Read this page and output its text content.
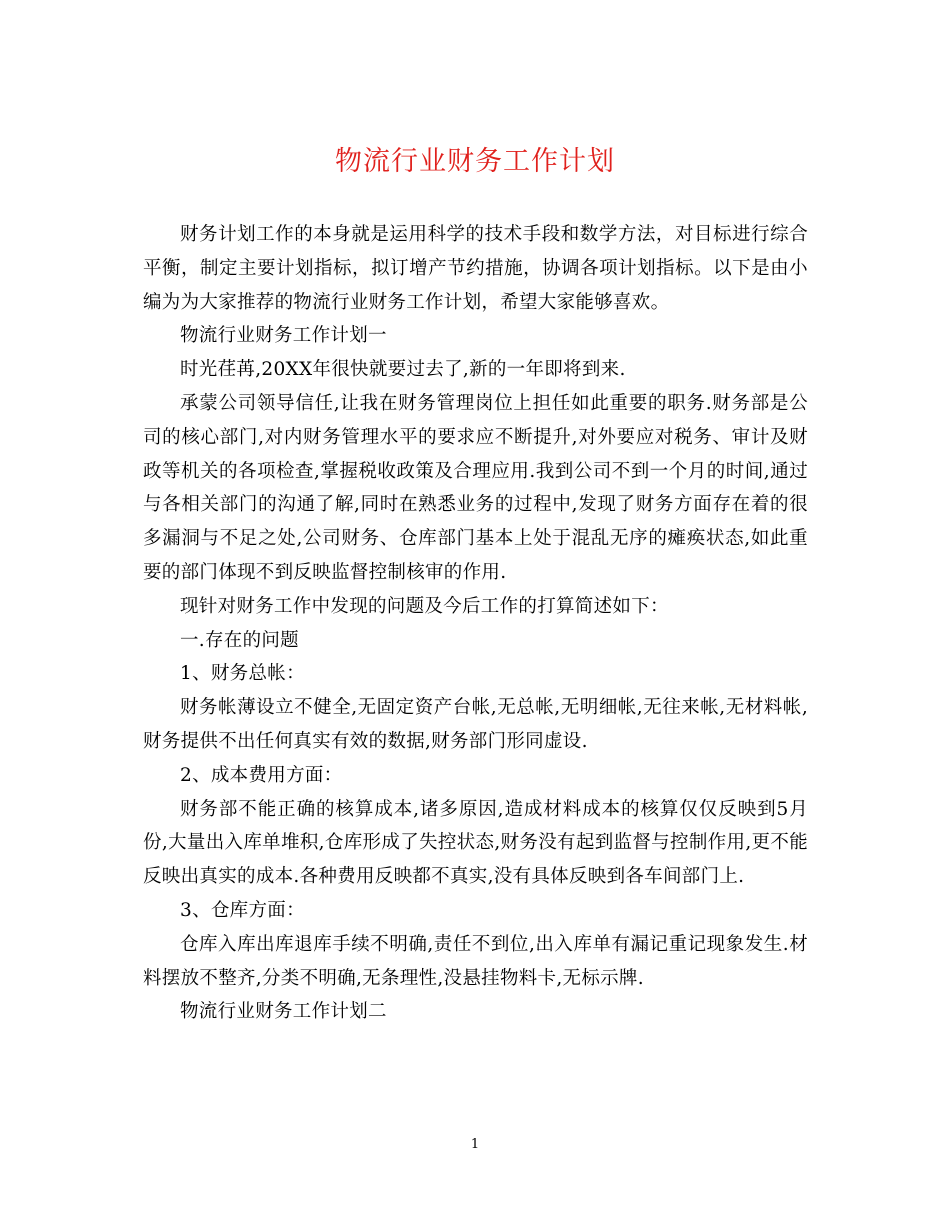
物流行业财务工作计划

财务计划工作的本身就是运用科学的技术手段和数学方法，对目标进行综合平衡，制定主要计划指标，拟订增产节约措施，协调各项计划指标。以下是由小编为为大家推荐的物流行业财务工作计划，希望大家能够喜欢。

物流行业财务工作计划一

时光荏苒,20XX年很快就要过去了,新的一年即将到来.

承蒙公司领导信任,让我在财务管理岗位上担任如此重要的职务.财务部是公司的核心部门,对内财务管理水平的要求应不断提升,对外要应对税务、审计及财政等机关的各项检查,掌握税收政策及合理应用.我到公司不到一个月的时间,通过与各相关部门的沟通了解,同时在熟悉业务的过程中,发现了财务方面存在着的很多漏洞与不足之处,公司财务、仓库部门基本上处于混乱无序的瘫痪状态,如此重要的部门体现不到反映监督控制核审的作用.

现针对财务工作中发现的问题及今后工作的打算简述如下：

一.存在的问题

1、财务总帐：

财务帐薄设立不健全,无固定资产台帐,无总帐,无明细帐,无往来帐,无材料帐,财务提供不出任何真实有效的数据,财务部门形同虚设.

2、成本费用方面：

财务部不能正确的核算成本,诸多原因,造成材料成本的核算仅仅反映到5月份,大量出入库单堆积,仓库形成了失控状态,财务没有起到监督与控制作用,更不能反映出真实的成本.各种费用反映都不真实,没有具体反映到各车间部门上.

3、仓库方面：

仓库入库出库退库手续不明确,责任不到位,出入库单有漏记重记现象发生.材料摆放不整齐,分类不明确,无条理性,没悬挂物料卡,无标示牌.

物流行业财务工作计划二

1
